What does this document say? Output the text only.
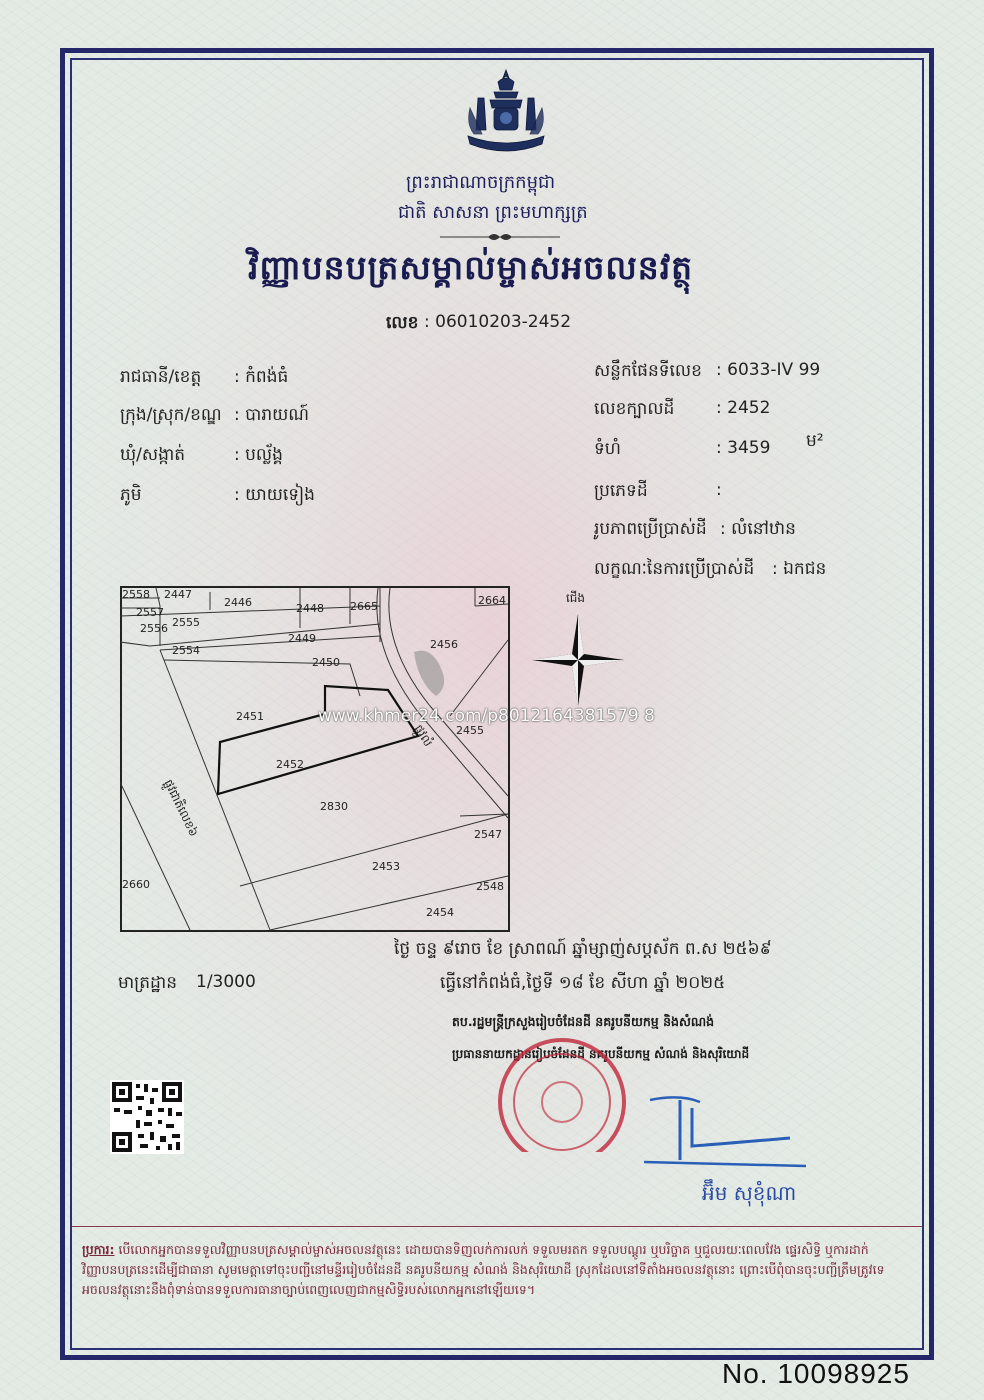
ព្រះរាជាណាចក្រកម្ពុជា
ជាតិ សាសនា ព្រះមហាក្សត្រ
វិញ្ញាបនបត្រសម្គាល់ម្ចាស់អចលនវត្ថុ
លេខ : 06010203-2452
រាជធានី/ខេត្ត : កំពង់ធំ
ក្រុង/ស្រុក/ខណ្ឌ : បារាយណ៍
ឃុំ/សង្កាត់	: បល្ល័ង្គ
ភូមិ	: យាយទៀង
សន្លឹកផែនទីលេខ : 6033-IV 99
លេខក្បាលដី : 2452
ទំហំ	: 3459 ម²
ប្រភេទដី	:
រូបភាពប្រើប្រាស់ដី : លំនៅឋាន
លក្ខណៈនៃការប្រើប្រាស់ដី : ឯកជន
2558 2447
2557
2556 2555
2446	2448 2665	2664
2554
2449
2450
2456
2451
2455
2452
2830
2547
2453
2660	2548
2454
ផ្លូវលំ
ផ្លូវជាតិលេខ៦
ជើង
www.khmer24.com/p8012164381579 8
ថ្ងៃ ចន្ទ ៩រោច ខែ ស្រាពណ៍ ឆ្នាំម្សាញ់សប្តស័ក ព.ស ២៥៦៩
ធ្វើនៅកំពង់ធំ,ថ្ងៃទី ១៨ ខែ សីហា ឆ្នាំ ២០២៥
មាត្រដ្ឋាន 1/3000
តប.រដ្ឋមន្ត្រីក្រសួងរៀបចំដែនដី នគរូបនីយកម្ម និងសំណង់
ប្រធាននាយកដ្ឋានរៀបចំដែនដី នគរូបនីយកម្ម សំណង់ និងសុរិយោដី
អ៊ឹម សុខុំណា
ប្រការ: បើលោកអ្នកបានទទួលវិញ្ញាបនបត្រសម្គាល់ម្ចាស់អចលនវត្ថុនេះ ដោយបានទិញលក់ការលក់ ទទួលមរតក ទទួលបណ្តូរ ឬបរិច្ចាគ ឬជួលរយៈពេលវែង ផ្ទេរសិទ្ធិ ឬការដាក់វិញ្ញាបនបត្រនេះដើម្បីជាធានា សូមមេត្តាទៅចុះបញ្ជីនៅមន្ទីររៀបចំដែនដី នគរូបនីយកម្ម សំណង់ និងសុរិយោដី ស្រុកដែលនៅទីតាំងអចលនវត្ថុនោះ ព្រោះបើពុំបានចុះបញ្ជីត្រឹមត្រូវទេ អចលនវត្ថុនោះនឹងពុំទាន់បានទទួលការធានាច្បាប់ពេញលេញជាកម្មសិទ្ធិរបស់លោកអ្នកនៅឡើយទេ។
No. 10098925
